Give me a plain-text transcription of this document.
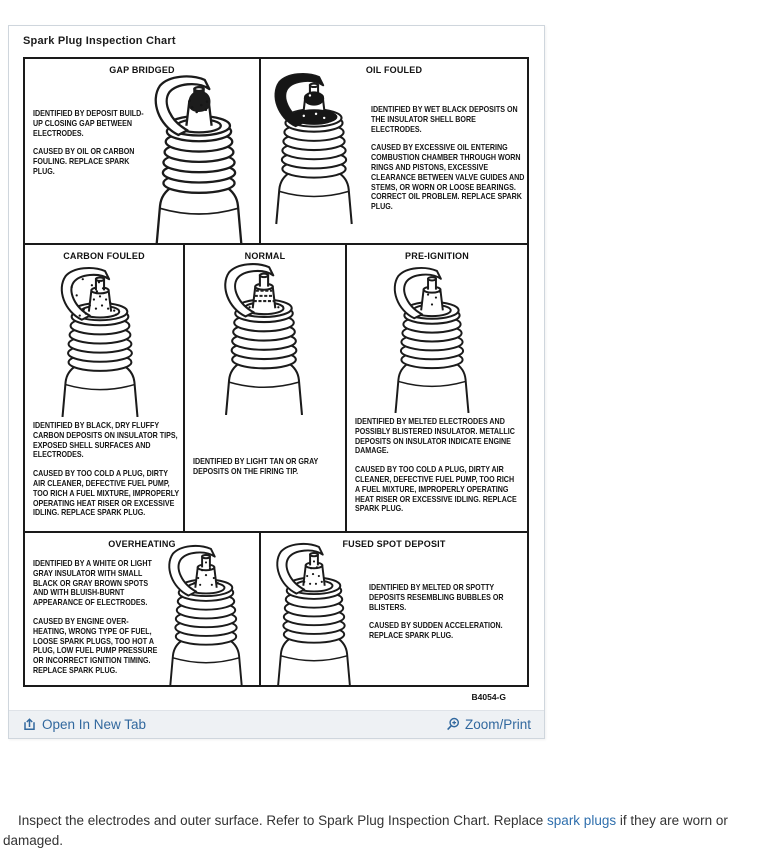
Spark Plug Inspection Chart
GAP BRIDGED
IDENTIFIED BY DEPOSIT BUILD-UP CLOSING GAP BETWEEN ELECTRODES.
CAUSED BY OIL OR CARBON FOULING. REPLACE SPARK PLUG.
OIL FOULED
IDENTIFIED BY WET BLACK DEPOSITS ON THE INSULATOR SHELL BORE ELECTRODES.
CAUSED BY EXCESSIVE OIL ENTERING COMBUSTION CHAMBER THROUGH WORN RINGS AND PISTONS, EXCESSIVE CLEARANCE BETWEEN VALVE GUIDES AND STEMS, OR WORN OR LOOSE BEARINGS. CORRECT OIL PROBLEM. REPLACE SPARK PLUG.
CARBON FOULED
IDENTIFIED BY BLACK, DRY FLUFFY CARBON DEPOSITS ON INSULATOR TIPS, EXPOSED SHELL SURFACES AND ELECTRODES.
CAUSED BY TOO COLD A PLUG, DIRTY AIR CLEANER, DEFECTIVE FUEL PUMP, TOO RICH A FUEL MIXTURE, IMPROPERLY OPERATING HEAT RISER OR EXCESSIVE IDLING. REPLACE SPARK PLUG.
NORMAL
IDENTIFIED BY LIGHT TAN OR GRAY DEPOSITS ON THE FIRING TIP.
PRE-IGNITION
IDENTIFIED BY MELTED ELECTRODES AND POSSIBLY BLISTERED INSULATOR. METALLIC DEPOSITS ON INSULATOR INDICATE ENGINE DAMAGE.
CAUSED BY TOO COLD A PLUG, DIRTY AIR CLEANER, DEFECTIVE FUEL PUMP, TOO RICH A FUEL MIXTURE, IMPROPERLY OPERATING HEAT RISER OR EXCESSIVE IDLING. REPLACE SPARK PLUG.
OVERHEATING
IDENTIFIED BY A WHITE OR LIGHT GRAY INSULATOR WITH SMALL BLACK OR GRAY BROWN SPOTS AND WITH BLUISH-BURNT APPEARANCE OF ELECTRODES.
CAUSED BY ENGINE OVER-HEATING, WRONG TYPE OF FUEL, LOOSE SPARK PLUGS, TOO HOT A PLUG, LOW FUEL PUMP PRESSURE OR INCORRECT IGNITION TIMING. REPLACE SPARK PLUG.
FUSED SPOT DEPOSIT
IDENTIFIED BY MELTED OR SPOTTY DEPOSITS RESEMBLING BUBBLES OR BLISTERS.
CAUSED BY SUDDEN ACCELERATION. REPLACE SPARK PLUG.
B4054-G
Open In New Tab	Zoom/Print

Inspect the electrodes and outer surface. Refer to Spark Plug Inspection Chart. Replace spark plugs if they are worn or damaged.
